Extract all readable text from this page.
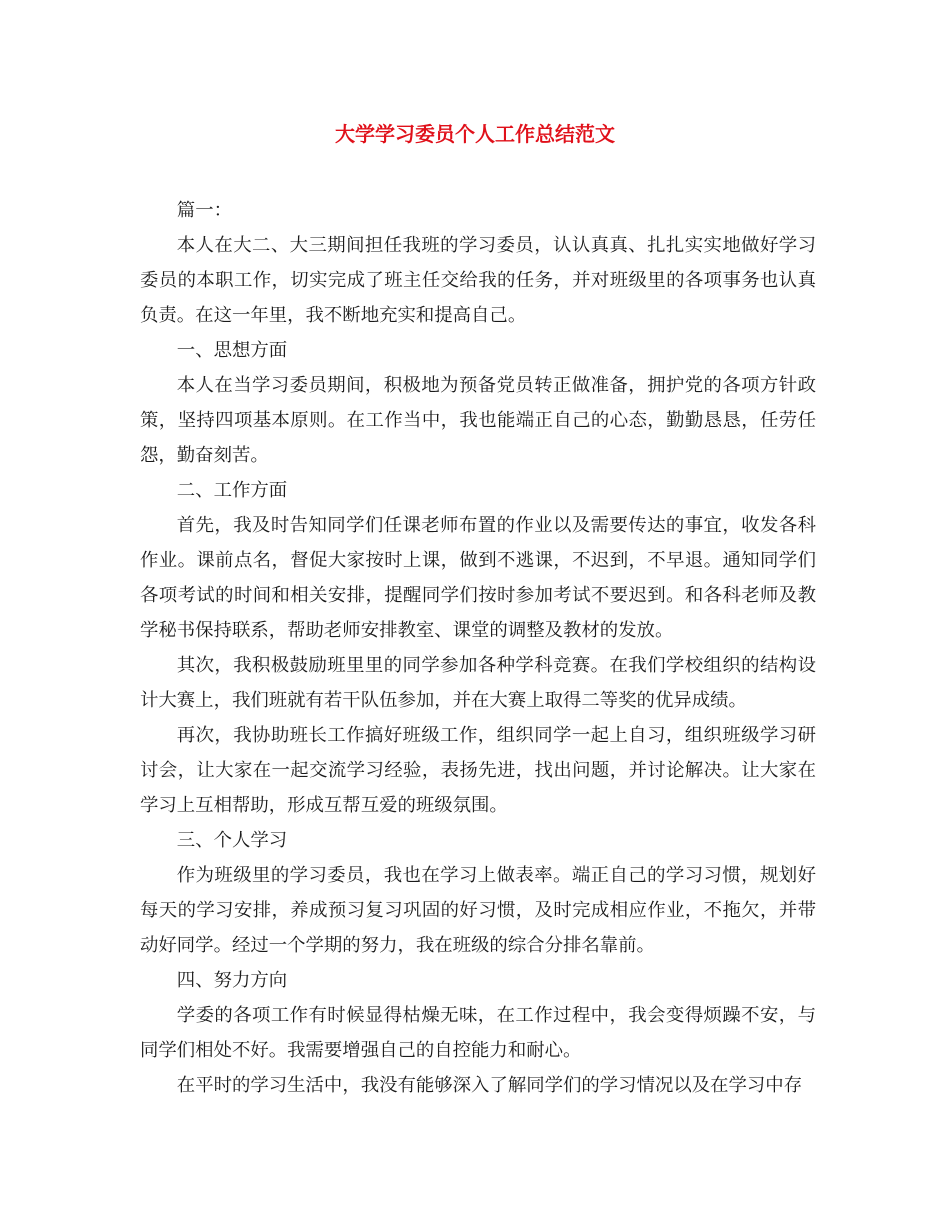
大学学习委员个人工作总结范文

篇一：

本人在大二、大三期间担任我班的学习委员，认认真真、扎扎实实地做好学习委员的本职工作，切实完成了班主任交给我的任务，并对班级里的各项事务也认真负责。在这一年里，我不断地充实和提高自己。

一、思想方面

本人在当学习委员期间，积极地为预备党员转正做准备，拥护党的各项方针政策，坚持四项基本原则。在工作当中，我也能端正自己的心态，勤勤恳恳，任劳任怨，勤奋刻苦。

二、工作方面

首先，我及时告知同学们任课老师布置的作业以及需要传达的事宜，收发各科作业。课前点名，督促大家按时上课，做到不逃课，不迟到，不早退。通知同学们各项考试的时间和相关安排，提醒同学们按时参加考试不要迟到。和各科老师及教学秘书保持联系，帮助老师安排教室、课堂的调整及教材的发放。

其次，我积极鼓励班里里的同学参加各种学科竞赛。在我们学校组织的结构设计大赛上，我们班就有若干队伍参加，并在大赛上取得二等奖的优异成绩。

再次，我协助班长工作搞好班级工作，组织同学一起上自习，组织班级学习研讨会，让大家在一起交流学习经验，表扬先进，找出问题，并讨论解决。让大家在学习上互相帮助，形成互帮互爱的班级氛围。

三、个人学习

作为班级里的学习委员，我也在学习上做表率。端正自己的学习习惯，规划好每天的学习安排，养成预习复习巩固的好习惯，及时完成相应作业，不拖欠，并带动好同学。经过一个学期的努力，我在班级的综合分排名靠前。

四、努力方向

学委的各项工作有时候显得枯燥无味，在工作过程中，我会变得烦躁不安，与同学们相处不好。我需要增强自己的自控能力和耐心。

在平时的学习生活中，我没有能够深入了解同学们的学习情况以及在学习中存
